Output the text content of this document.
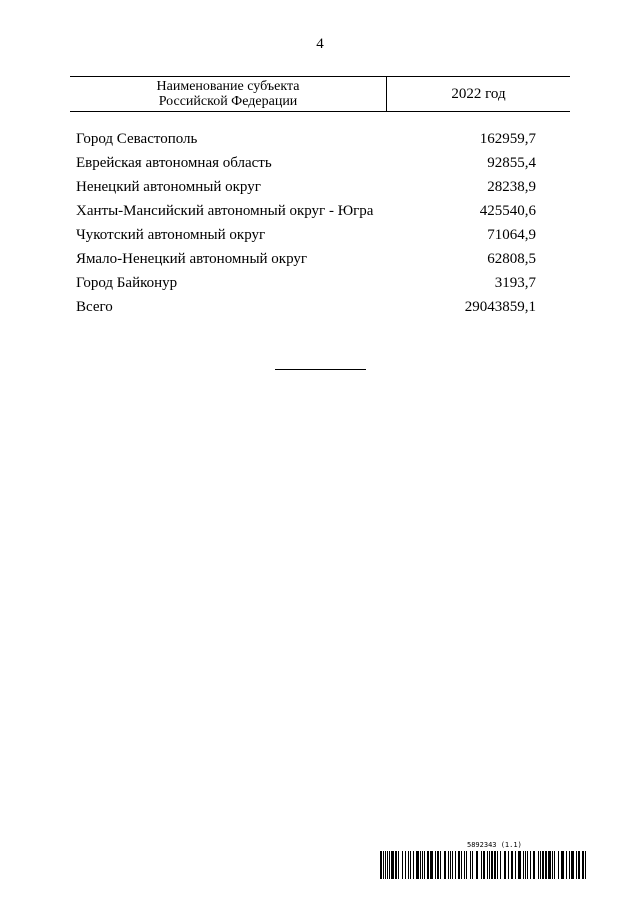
4
Наименование субъекта
Российской Федерации	2022 год
Город Севастополь	162959,7
Еврейская автономная область	92855,4
Ненецкий автономный округ	28238,9
Ханты-Мансийский автономный округ - Югра	425540,6
Чукотский автономный округ	71064,9
Ямало-Ненецкий автономный округ	62808,5
Город Байконур	3193,7
Всего	29043859,1
5892343 (1.1)
